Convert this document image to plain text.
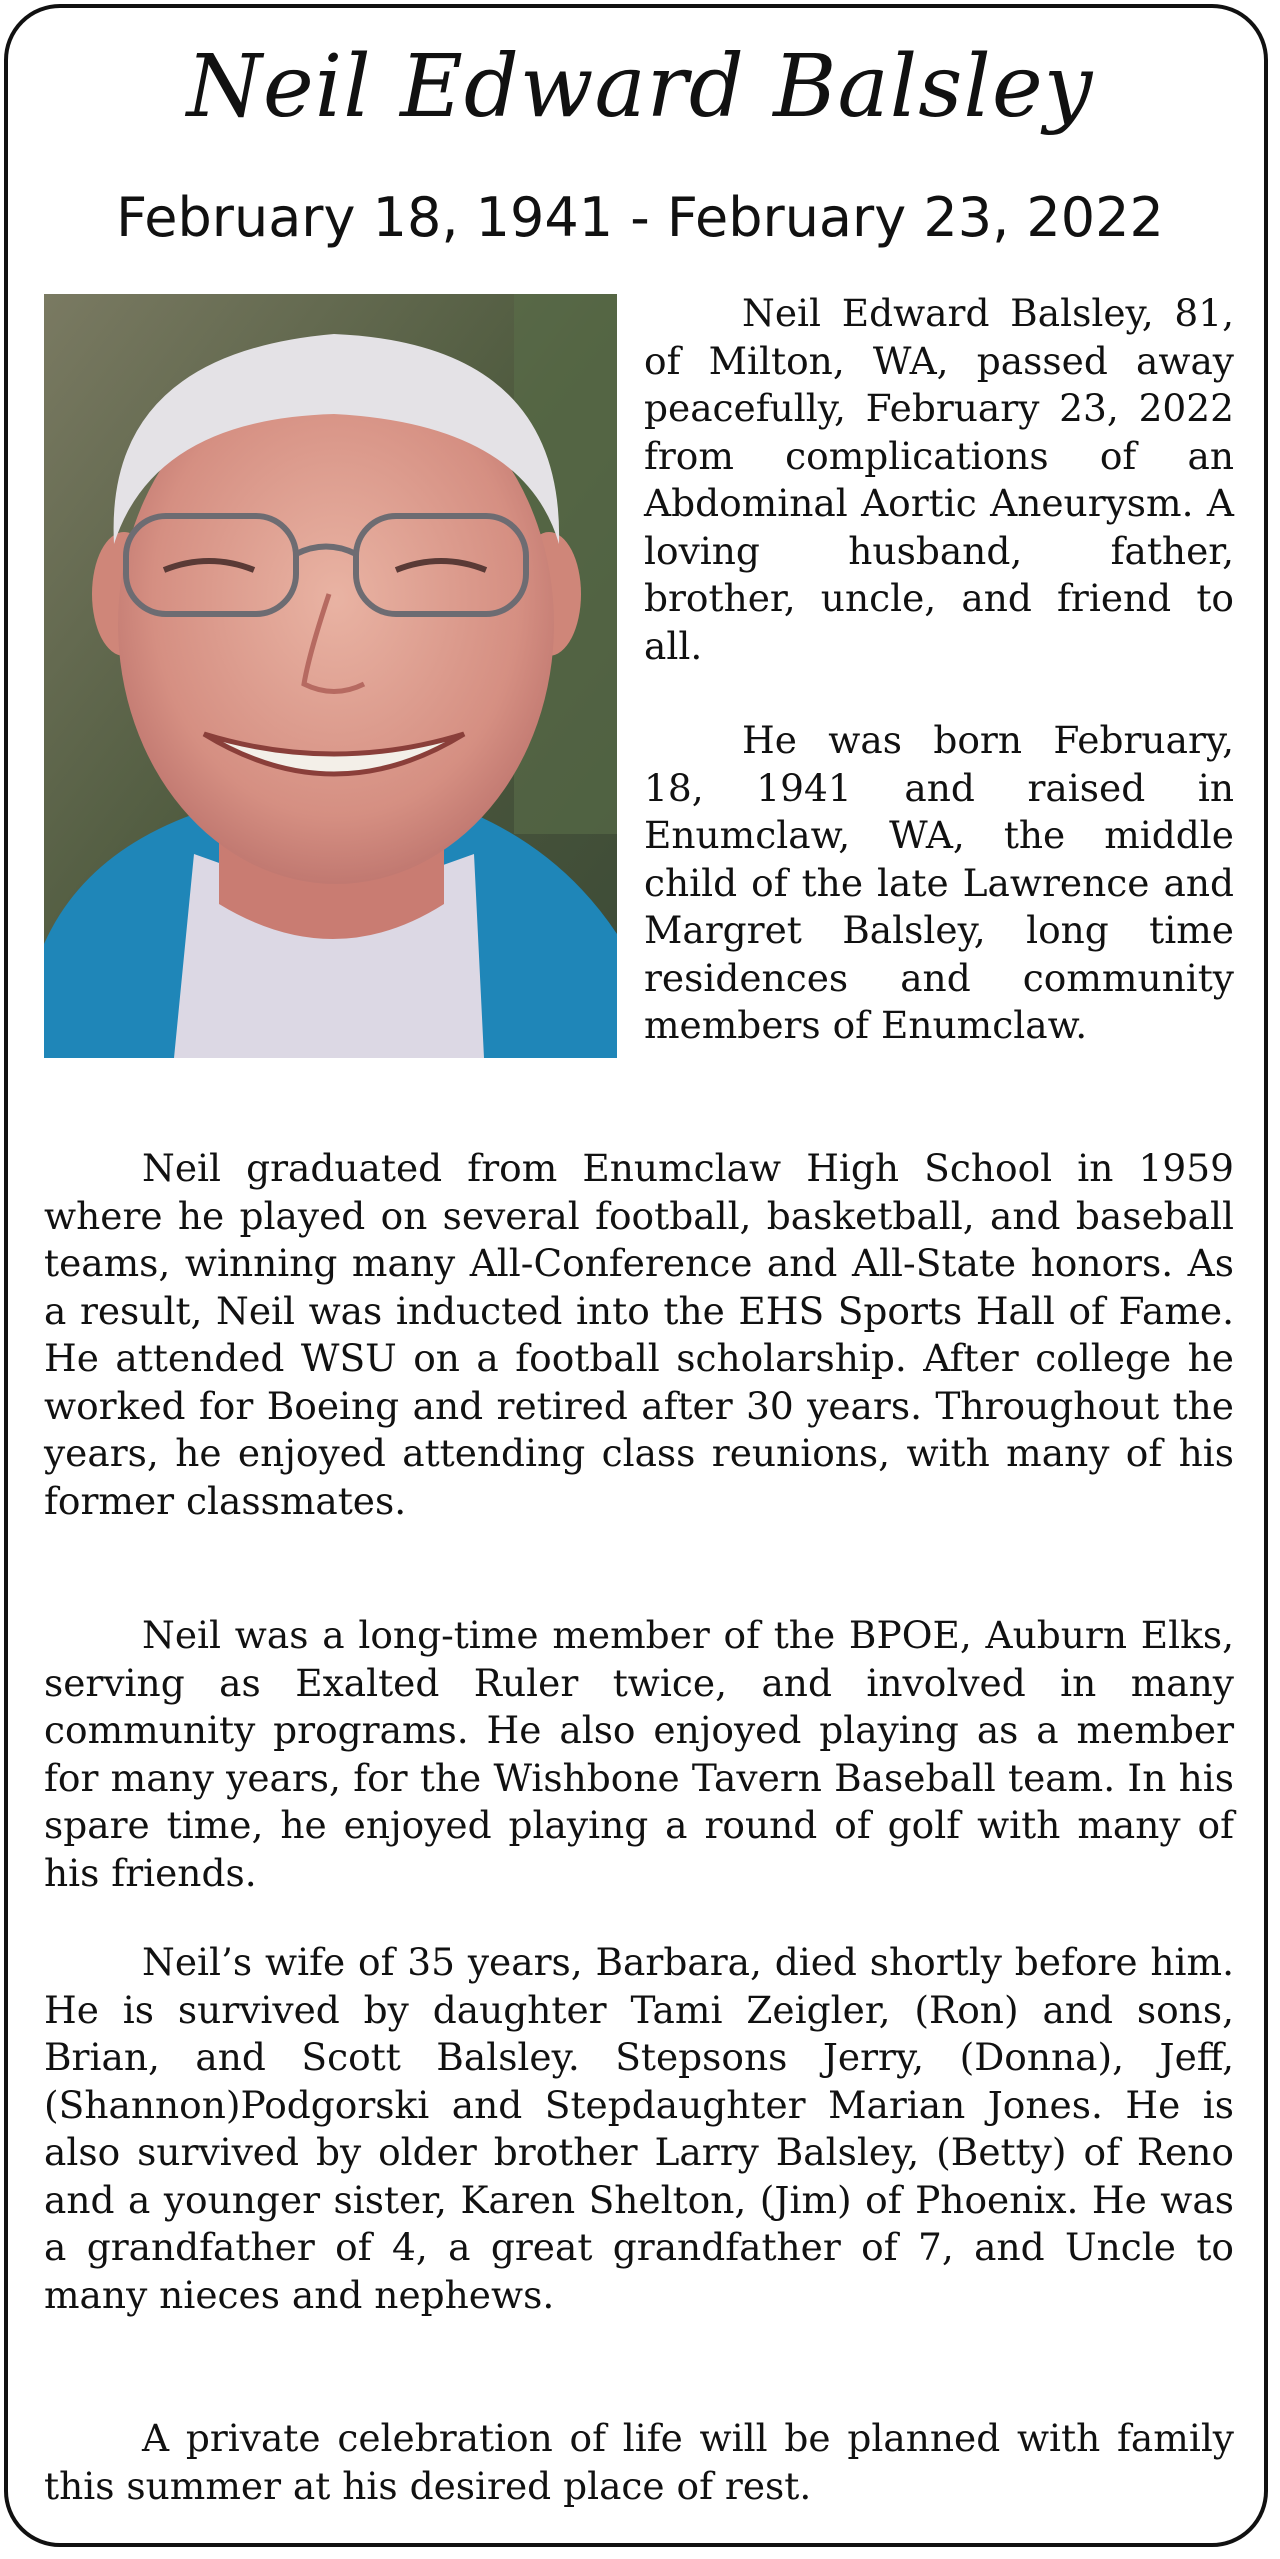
Neil Edward Balsley
February 18, 1941 - February 23, 2022

Neil Edward Balsley, 81, of Milton, WA, passed away peacefully, February 23, 2022 from complications of an Abdominal Aortic Aneurysm. A loving husband, father, brother, uncle, and friend to all.

He was born February, 18, 1941 and raised in Enumclaw, WA, the middle child of the late Lawrence and Margret Balsley, long time residences and community members of Enumclaw.

Neil graduated from Enumclaw High School in 1959 where he played on several football, basketball, and baseball teams, winning many All-Conference and All-State honors. As a result, Neil was inducted into the EHS Sports Hall of Fame. He attended WSU on a football scholarship. After college he worked for Boeing and retired after 30 years. Throughout the years, he enjoyed attending class reunions, with many of his former classmates.

Neil was a long-time member of the BPOE, Auburn Elks, serving as Exalted Ruler twice, and involved in many community programs. He also enjoyed playing as a member for many years, for the Wishbone Tavern Baseball team. In his spare time, he enjoyed playing a round of golf with many of his friends.

Neil’s wife of 35 years, Barbara, died shortly before him. He is survived by daughter Tami Zeigler, (Ron) and sons, Brian, and Scott Balsley. Stepsons Jerry, (Donna), Jeff, (Shannon)Podgorski and Stepdaughter Marian Jones. He is also survived by older brother Larry Balsley, (Betty) of Reno and a younger sister, Karen Shelton, (Jim) of Phoenix. He was a grandfather of 4, a great grandfather of 7, and Uncle to many nieces and nephews.

A private celebration of life will be planned with family this summer at his desired place of rest.
